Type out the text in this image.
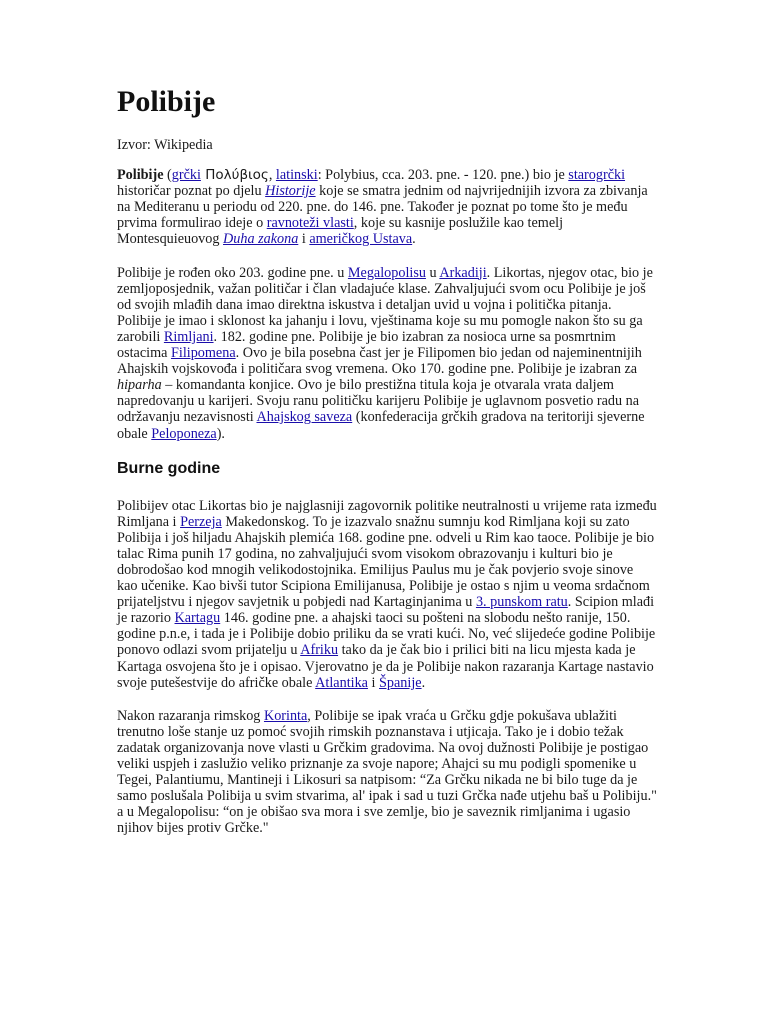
Polibije

Izvor: Wikipedia

Polibije (grčki Πολύβιος, latinski: Polybius, cca. 203. pne. - 120. pne.) bio je starogrčki historičar poznat po djelu Historije koje se smatra jednim od najvrijednijih izvora za zbivanja na Mediteranu u periodu od 220. pne. do 146. pne. Također je poznat po tome što je među prvima formulirao ideje o ravnoteži vlasti, koje su kasnije poslužile kao temelj Montesquieuovog Duha zakona i američkog Ustava.

Polibije je rođen oko 203. godine pne. u Megalopolisu u Arkadiji. Likortas, njegov otac, bio je zemljoposjednik, važan političar i član vladajuće klase. Zahvaljujući svom ocu Polibije je još od svojih mlađih dana imao direktna iskustva i detaljan uvid u vojna i politička pitanja. Polibije je imao i sklonost ka jahanju i lovu, vještinama koje su mu pomogle nakon što su ga zarobili Rimljani. 182. godine pne. Polibije je bio izabran za nosioca urne sa posmrtnim ostacima Filipomena. Ovo je bila posebna čast jer je Filipomen bio jedan od najeminentnijih Ahajskih vojskovođa i političara svog vremena. Oko 170. godine pne. Polibije je izabran za hiparha – komandanta konjice. Ovo je bilo prestižna titula koja je otvarala vrata daljem napredovanju u karijeri. Svoju ranu političku karijeru Polibije je uglavnom posvetio radu na održavanju nezavisnosti Ahajskog saveza (konfederacija grčkih gradova na teritoriji sjeverne obale Peloponeza).

Burne godine

Polibijev otac Likortas bio je najglasniji zagovornik politike neutralnosti u vrijeme rata između Rimljana i Perzeja Makedonskog. To je izazvalo snažnu sumnju kod Rimljana koji su zato Polibija i još hiljadu Ahajskih plemića 168. godine pne. odveli u Rim kao taoce. Polibije je bio talac Rima punih 17 godina, no zahvaljujući svom visokom obrazovanju i kulturi bio je dobrodošao kod mnogih velikodostojnika. Emilijus Paulus mu je čak povjerio svoje sinove kao učenike. Kao bivši tutor Scipiona Emilijanusa, Polibije je ostao s njim u veoma srdačnom prijateljstvu i njegov savjetnik u pobjedi nad Kartaginjanima u 3. punskom ratu. Scipion mlađi je razorio Kartagu 146. godine pne. a ahajski taoci su pošteni na slobodu nešto ranije, 150. godine p.n.e, i tada je i Polibije dobio priliku da se vrati kući. No, već slijedeće godine Polibije ponovo odlazi svom prijatelju u Afriku tako da je čak bio i prilici biti na licu mjesta kada je Kartaga osvojena što je i opisao. Vjerovatno je da je Polibije nakon razaranja Kartage nastavio svoje putešestvije do afričke obale Atlantika i Španije.

Nakon razaranja rimskog Korinta, Polibije se ipak vraća u Grčku gdje pokušava ublažiti trenutno loše stanje uz pomoć svojih rimskih poznanstava i utjicaja. Tako je i dobio težak zadatak organizovanja nove vlasti u Grčkim gradovima. Na ovoj dužnosti Polibije je postigao veliki uspjeh i zaslužio veliko priznanje za svoje napore; Ahajci su mu podigli spomenike u Tegei, Palantiumu, Mantineji i Likosuri sa natpisom: “Za Grčku nikada ne bi bilo tuge da je samo poslušala Polibija u svim stvarima, al' ipak i sad u tuzi Grčka nađe utjehu baš u Polibiju." a u Megalopolisu: “on je obišao sva mora i sve zemlje, bio je saveznik rimljanima i ugasio njihov bijes protiv Grčke."
